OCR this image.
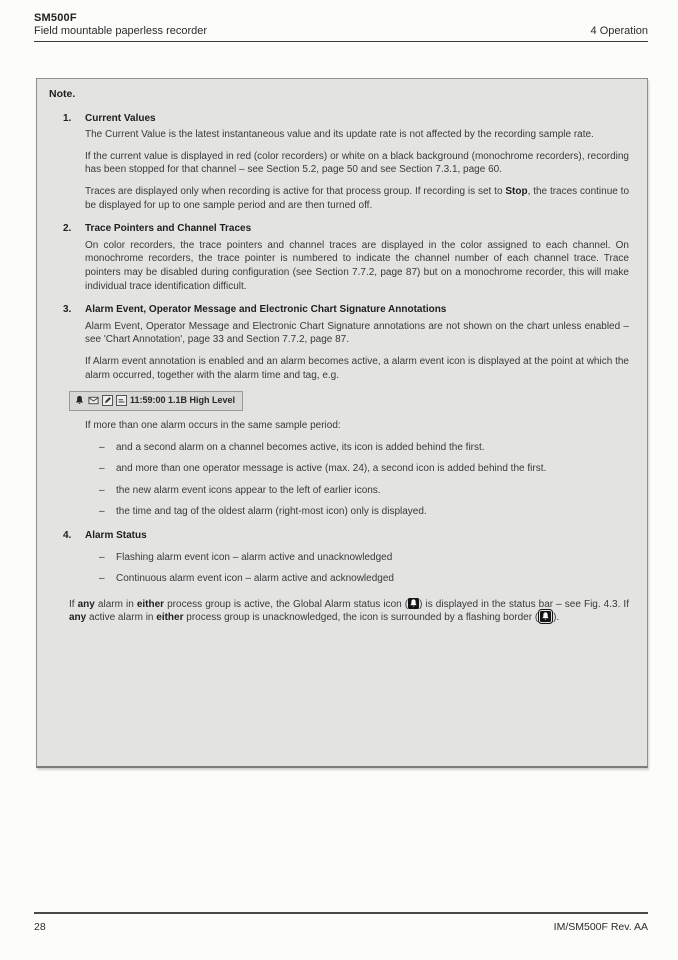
SM500F
Field mountable paperless recorder	4 Operation
Note.
1.	Current Values

The Current Value is the latest instantaneous value and its update rate is not affected by the recording sample rate.

If the current value is displayed in red (color recorders) or white on a black background (monochrome recorders), recording has been stopped for that channel – see Section 5.2, page 50 and see Section 7.3.1, page 60.

Traces are displayed only when recording is active for that process group. If recording is set to Stop, the traces continue to be displayed for up to one sample period and are then turned off.

2.	Trace Pointers and Channel Traces

On color recorders, the trace pointers and channel traces are displayed in the color assigned to each channel. On monochrome recorders, the trace pointer is numbered to indicate the channel number of each channel trace. Trace pointers may be disabled during configuration (see Section 7.7.2, page 87) but on a monochrome recorder, this will make individual trace identification difficult.

3.	Alarm Event, Operator Message and Electronic Chart Signature Annotations

Alarm Event, Operator Message and Electronic Chart Signature annotations are not shown on the chart unless enabled – see 'Chart Annotation', page 33 and Section 7.7.2, page 87.

If Alarm event annotation is enabled and an alarm becomes active, a alarm event icon is displayed at the point at which the alarm occurred, together with the alarm time and tag, e.g.

11:59:00 1.1B High Level

If more than one alarm occurs in the same sample period:

–	and a second alarm on a channel becomes active, its icon is added behind the first.
–	and more than one operator message is active (max. 24), a second icon is added behind the first.
–	the new alarm event icons appear to the left of earlier icons.
–	the time and tag of the oldest alarm (right-most icon) only is displayed.
4.	Alarm Status
–	Flashing alarm event icon – alarm active and unacknowledged
–	Continuous alarm event icon – alarm active and acknowledged

If any alarm in either process group is active, the Global Alarm status icon ( ) is displayed in the status bar – see Fig. 4.3. If any active alarm in either process group is unacknowledged, the icon is surrounded by a flashing border ( ).

28	IM/SM500F Rev. AA
